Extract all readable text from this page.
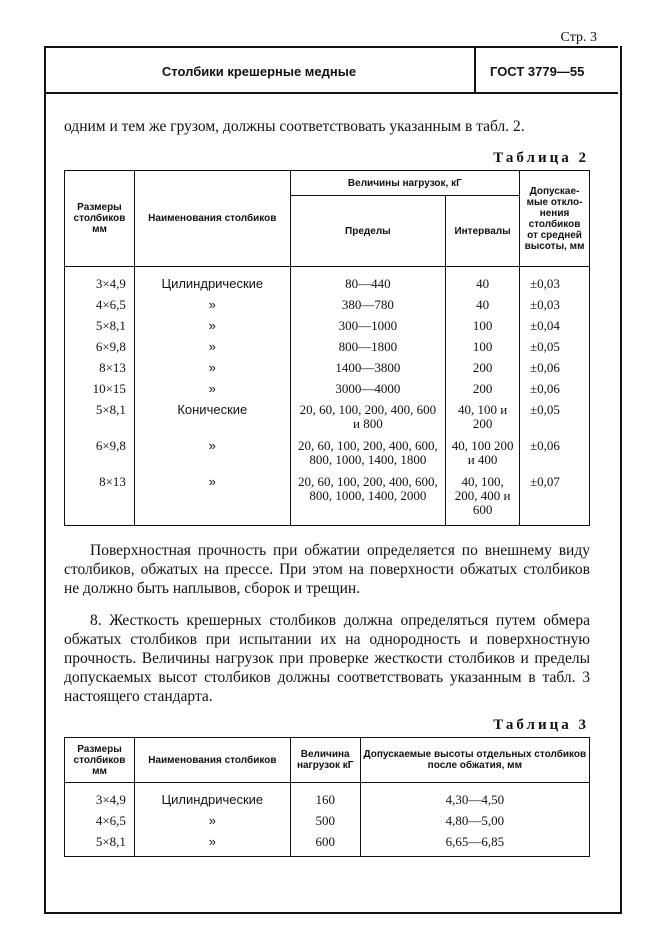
Стр. 3
Столбики крешерные медные	ГОСТ 3779—55

одним и тем же грузом, должны соответствовать указанным в табл. 2.

Таблица 2
Размеры столбиков мм	Наименования столбиков	Величины нагрузок, кГ		Допускае-мые откло-нения столбиков от средней высоты, мм
		Пределы	Интервалы	
3×4,9	Цилиндрические	80—440	40	±0,03
4×6,5	»	380—780	40	±0,03
5×8,1	»	300—1000	100	±0,04
6×9,8	»	800—1800	100	±0,05
8×13	»	1400—3800	200	±0,06
10×15	»	3000—4000	200	±0,06
5×8,1	Конические	20, 60, 100, 200, 400, 600 и 800	40, 100 и 200	±0,05
6×9,8	»	20, 60, 100, 200, 400, 600, 800, 1000, 1400, 1800	40, 100 200 и 400	±0,06
8×13	»	20, 60, 100, 200, 400, 600, 800, 1000, 1400, 2000	40, 100, 200, 400 и 600	±0,07

Поверхностная прочность при обжатии определяется по внешнему виду столбиков, обжатых на прессе. При этом на поверхности обжатых столбиков не должно быть наплывов, сборок и трещин.

8. Жесткость крешерных столбиков должна определяться путем обмера обжатых столбиков при испытании их на однородность и поверхностную прочность. Величины нагрузок при проверке жесткости столбиков и пределы допускаемых высот столбиков должны соответствовать указанным в табл. 3 настоящего стандарта.

Таблица 3
Размеры столбиков мм	Наименования столбиков	Величина нагрузок кГ	Допускаемые высоты отдельных столбиков после обжатия, мм
3×4,9	Цилиндрические	160	4,30—4,50
4×6,5	»	500	4,80—5,00
5×8,1	»	600	6,65—6,85
